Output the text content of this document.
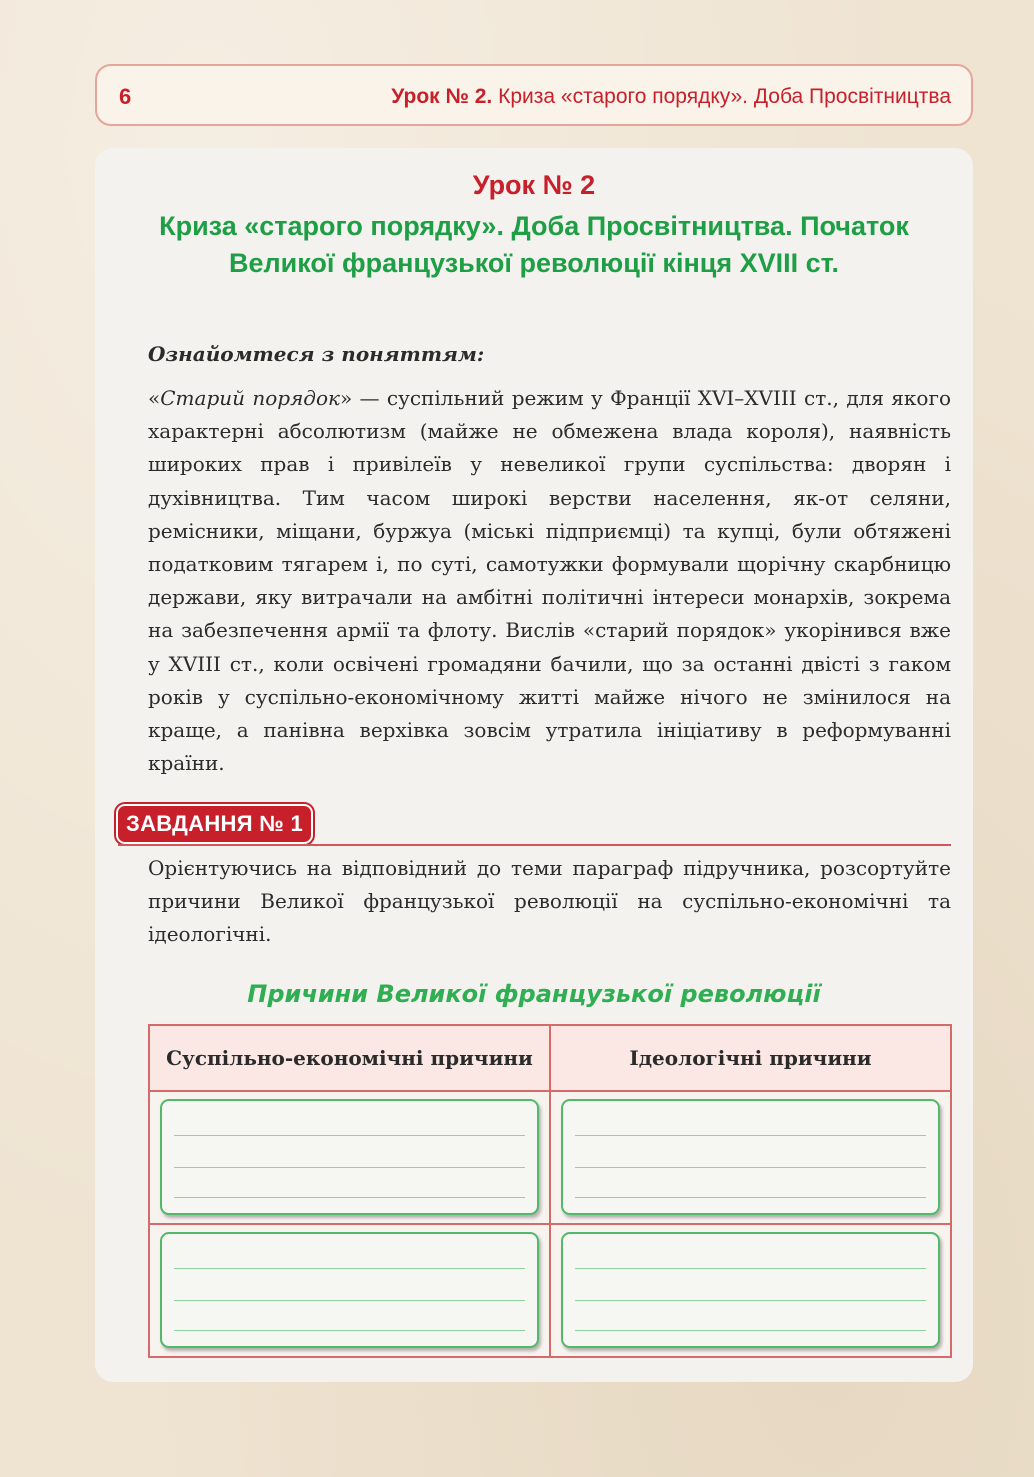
6	Урок № 2. Криза «старого порядку». Доба Просвітництва
Урок № 2
Криза «старого порядку». Доба Просвітництва. Початок Великої французької революції кінця XVIII ст.
Ознайомтеся з поняттям:
«Старий порядок» — суспільний режим у Франції XVI–XVIII ст., для якого характерні абсолютизм (майже не обмежена влада короля), наявність широких прав і привілеїв у невеликої групи суспільства: дворян і духівництва. Тим часом широкі верстви населення, як-от селяни, ремісники, міщани, буржуа (міські підприємці) та купці, були обтяжені податковим тягарем і, по суті, самотужки формували щорічну скарбницю держави, яку витрачали на амбітні політичні інтереси монархів, зокрема на забезпечення армії та флоту. Вислів «старий порядок» укорінився вже у XVIII ст., коли освічені громадяни бачили, що за останні двісті з гаком років у суспільно-економічному житті майже нічого не змінилося на краще, а панівна верхівка зовсім утратила ініціативу в реформуванні країни.
ЗАВДАННЯ № 1
Орієнтуючись на відповідний до теми параграф підручника, розсортуйте причини Великої французької революції на суспільно-економічні та ідеологічні.
Причини Великої французької революції
Суспільно-економічні причини	Ідеологічні причини
